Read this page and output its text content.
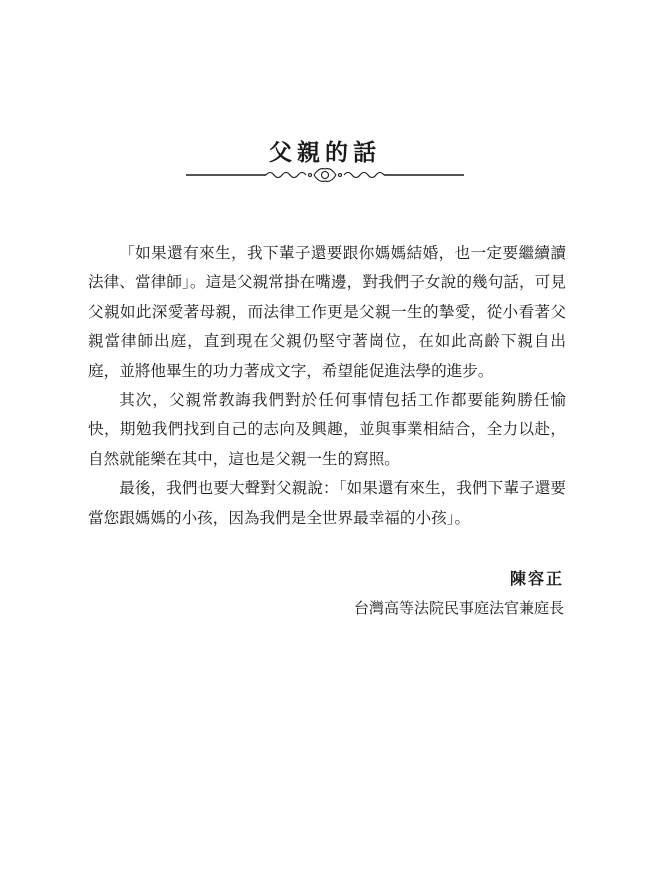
父親的話

「如果還有來生，我下輩子還要跟你媽媽結婚，也一定要繼續讀法律、當律師」。這是父親常掛在嘴邊，對我們子女說的幾句話，可見父親如此深愛著母親，而法律工作更是父親一生的摯愛，從小看著父親當律師出庭，直到現在父親仍堅守著崗位，在如此高齡下親自出庭，並將他畢生的功力著成文字，希望能促進法學的進步。

其次，父親常教誨我們對於任何事情包括工作都要能夠勝任愉快，期勉我們找到自己的志向及興趣，並與事業相結合，全力以赴，自然就能樂在其中，這也是父親一生的寫照。

最後，我們也要大聲對父親說：「如果還有來生，我們下輩子還要當您跟媽媽的小孩，因為我們是全世界最幸福的小孩」。

陳容正
台灣高等法院民事庭法官兼庭長
